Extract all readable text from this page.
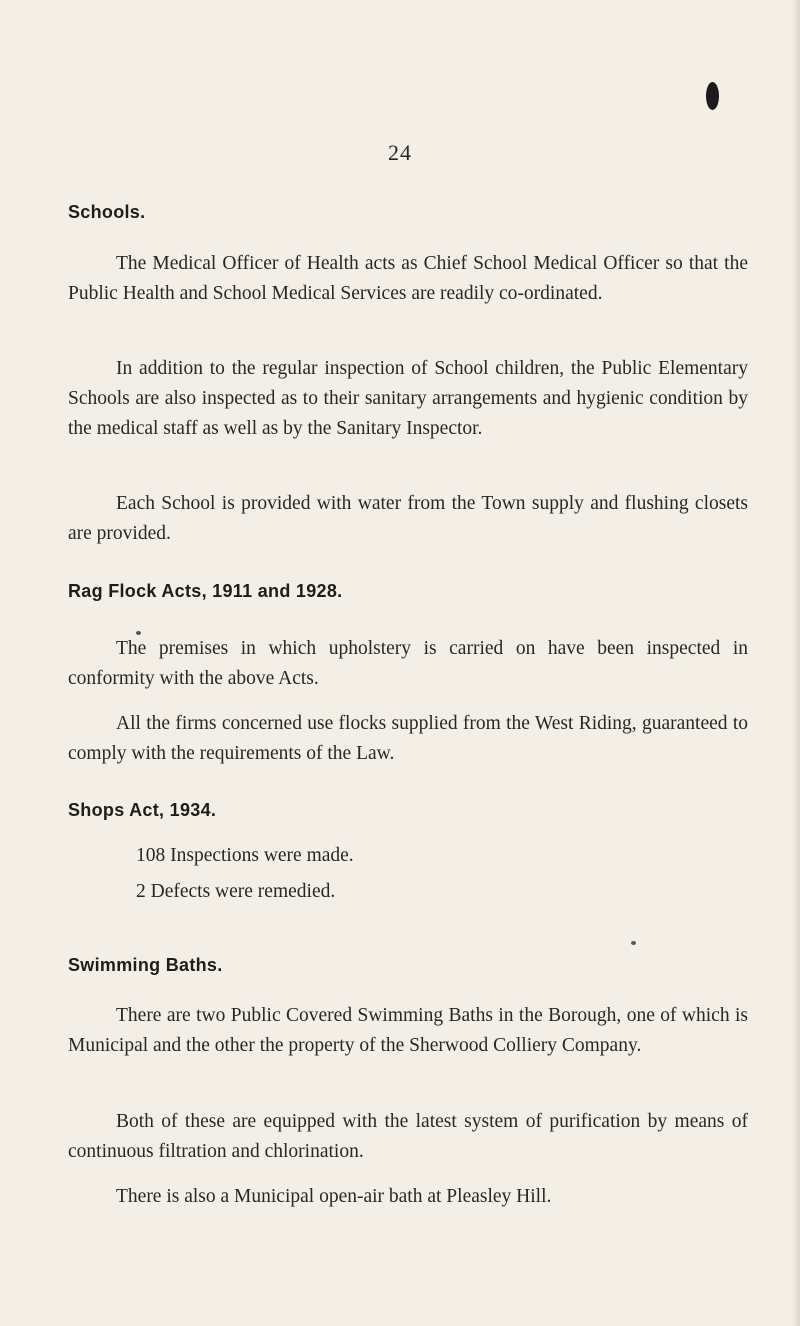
24
Schools.
The Medical Officer of Health acts as Chief School Medical Officer so that the Public Health and School Medical Services are readily co-ordinated.
In addition to the regular inspection of School children, the Public Elementary Schools are also inspected as to their sanitary arrangements and hygienic condition by the medical staff as well as by the Sanitary Inspector.
Each School is provided with water from the Town supply and flushing closets are provided.
Rag Flock Acts, 1911 and 1928.
The premises in which upholstery is carried on have been inspected in conformity with the above Acts.
All the firms concerned use flocks supplied from the West Riding, guaranteed to comply with the requirements of the Law.
Shops Act, 1934.
108 Inspections were made.
2 Defects were remedied.
Swimming Baths.
There are two Public Covered Swimming Baths in the Borough, one of which is Municipal and the other the property of the Sherwood Colliery Company.
Both of these are equipped with the latest system of purification by means of continuous filtration and chlorination.
There is also a Municipal open-air bath at Pleasley Hill.
